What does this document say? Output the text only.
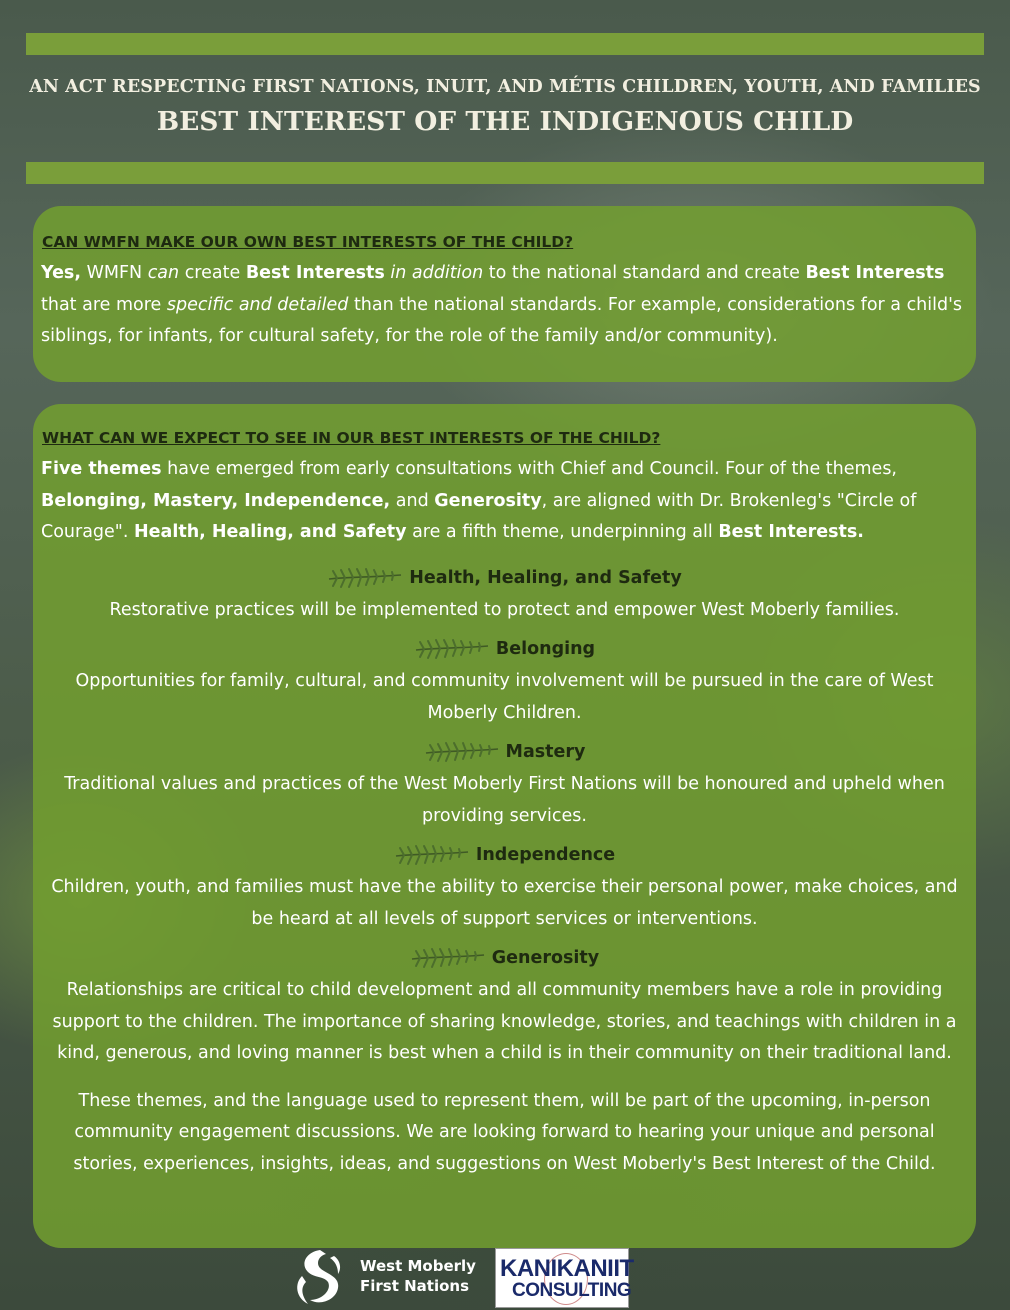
AN ACT RESPECTING FIRST NATIONS, INUIT, AND MÉTIS CHILDREN, YOUTH, AND FAMILIES
BEST INTEREST OF THE INDIGENOUS CHILD
CAN WMFN MAKE OUR OWN BEST INTERESTS OF THE CHILD?

Yes, WMFN can create Best Interests in addition to the national standard and create Best Interests that are more specific and detailed than the national standards. For example, considerations for a child's siblings, for infants, for cultural safety, for the role of the family and/or community).

WHAT CAN WE EXPECT TO SEE IN OUR BEST INTERESTS OF THE CHILD?

Five themes have emerged from early consultations with Chief and Council. Four of the themes, Belonging, Mastery, Independence, and Generosity, are aligned with Dr. Brokenleg's "Circle of Courage". Health, Healing, and Safety are a fifth theme, underpinning all Best Interests.

Health, Healing, and Safety
Restorative practices will be implemented to protect and empower West Moberly families.
Belonging
Opportunities for family, cultural, and community involvement will be pursued in the care of West Moberly Children.
Mastery
Traditional values and practices of the West Moberly First Nations will be honoured and upheld when providing services.
Independence
Children, youth, and families must have the ability to exercise their personal power, make choices, and be heard at all levels of support services or interventions.
Generosity
Relationships are critical to child development and all community members have a role in providing support to the children. The importance of sharing knowledge, stories, and teachings with children in a kind, generous, and loving manner is best when a child is in their community on their traditional land.

These themes, and the language used to represent them, will be part of the upcoming, in-person community engagement discussions. We are looking forward to hearing your unique and personal stories, experiences, insights, ideas, and suggestions on West Moberly's Best Interest of the Child.

West Moberly
First Nations
KANIKANIIT
CONSULTING
